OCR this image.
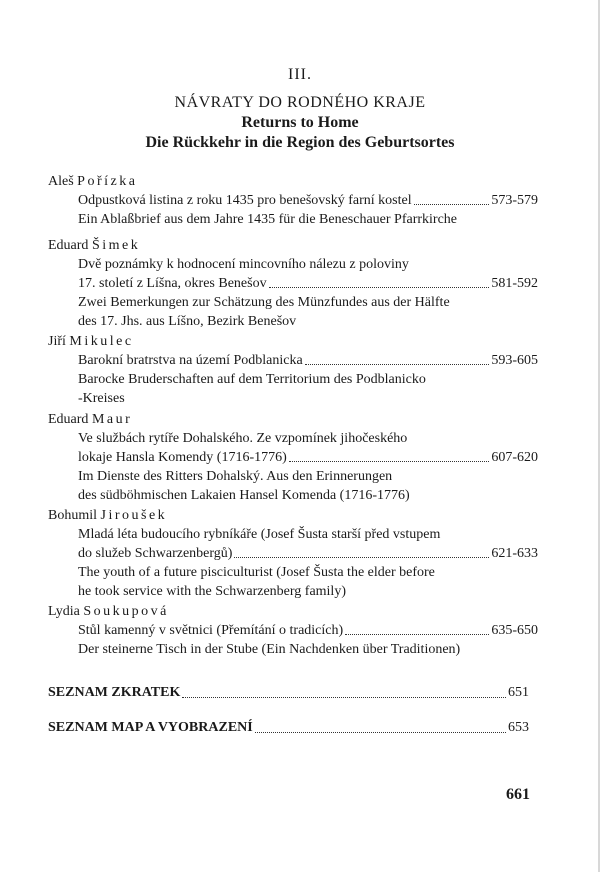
III.
NÁVRATY DO RODNÉHO KRAJE
Returns to Home
Die Rückkehr in die Region des Geburtsortes
Aleš Pořízka
Odpustková listina z roku 1435 pro benešovský farní kostel	573-579
Ein Ablaßbrief aus dem Jahre 1435 für die Beneschauer Pfarrkirche
Eduard Šimek
Dvě poznámky k hodnocení mincovního nálezu z poloviny
17. století z Líšna, okres Benešov	581-592
Zwei Bemerkungen zur Schätzung des Münzfundes aus der Hälfte
des 17. Jhs. aus Líšno, Bezirk Benešov
Jiří Mikulec
Barokní bratrstva na území Podblanicka	593-605
Barocke Bruderschaften auf dem Territorium des Podblanicko
-Kreises
Eduard Maur
Ve službách rytíře Dohalského. Ze vzpomínek jihočeského
lokaje Hansla Komendy (1716-1776)	607-620
Im Dienste des Ritters Dohalský. Aus den Erinnerungen
des südböhmischen Lakaien Hansel Komenda (1716-1776)
Bohumil Jiroušek
Mladá léta budoucího rybníkáře (Josef Šusta starší před vstupem
do služeb Schwarzenbergů)	621-633
The youth of a future pisciculturist (Josef Šusta the elder before
he took service with the Schwarzenberg family)
Lydia Soukupová
Stůl kamenný v světnici (Přemítání o tradicích)	635-650
Der steinerne Tisch in der Stube (Ein Nachdenken über Traditionen)
SEZNAM ZKRATEK	651
SEZNAM MAP A VYOBRAZENÍ	653
661
